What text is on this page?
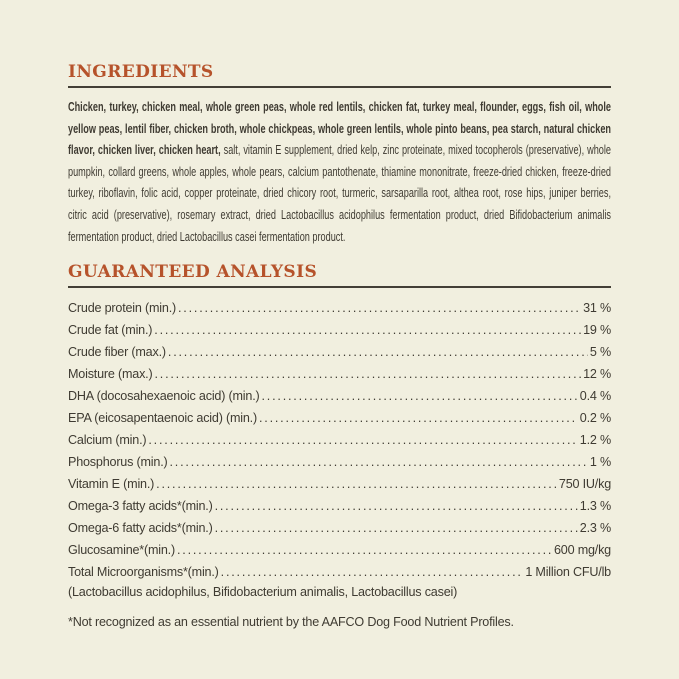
INGREDIENTS

Chicken, turkey, chicken meal, whole green peas, whole red lentils, chicken fat, turkey meal, flounder, eggs, fish oil, whole yellow peas, lentil fiber, chicken broth, whole chickpeas, whole green lentils, whole pinto beans, pea starch, natural chicken flavor, chicken liver, chicken heart, salt, vitamin E supplement, dried kelp, zinc proteinate, mixed tocopherols (preservative), whole pumpkin, collard greens, whole apples, whole pears, calcium pantothenate, thiamine mononitrate, freeze-dried chicken, freeze-dried turkey, riboflavin, folic acid, copper proteinate, dried chicory root, turmeric, sarsaparilla root, althea root, rose hips, juniper berries, citric acid (preservative), rosemary extract, dried Lactobacillus acidophilus fermentation product, dried Bifidobacterium animalis fermentation product, dried Lactobacillus casei fermentation product.

GUARANTEED ANALYSIS
Crude protein (min.) .....	31 %
Crude fat (min.) .....	19 %
Crude fiber (max.) .....	5 %
Moisture (max.) .....	12 %
DHA (docosahexaenoic acid) (min.) .....	0.4 %
EPA (eicosapentaenoic acid) (min.) .....	0.2 %
Calcium (min.) .....	1.2 %
Phosphorus (min.) .....	1 %
Vitamin E (min.) .....	750 IU/kg
Omega-3 fatty acids*(min.) .....	1.3 %
Omega-6 fatty acids*(min.) .....	2.3 %
Glucosamine*(min.) .....	600 mg/kg
Total Microorganisms*(min.) .....	1 Million CFU/lb

(Lactobacillus acidophilus, Bifidobacterium animalis, Lactobacillus casei)

*Not recognized as an essential nutrient by the AAFCO Dog Food Nutrient Profiles.
